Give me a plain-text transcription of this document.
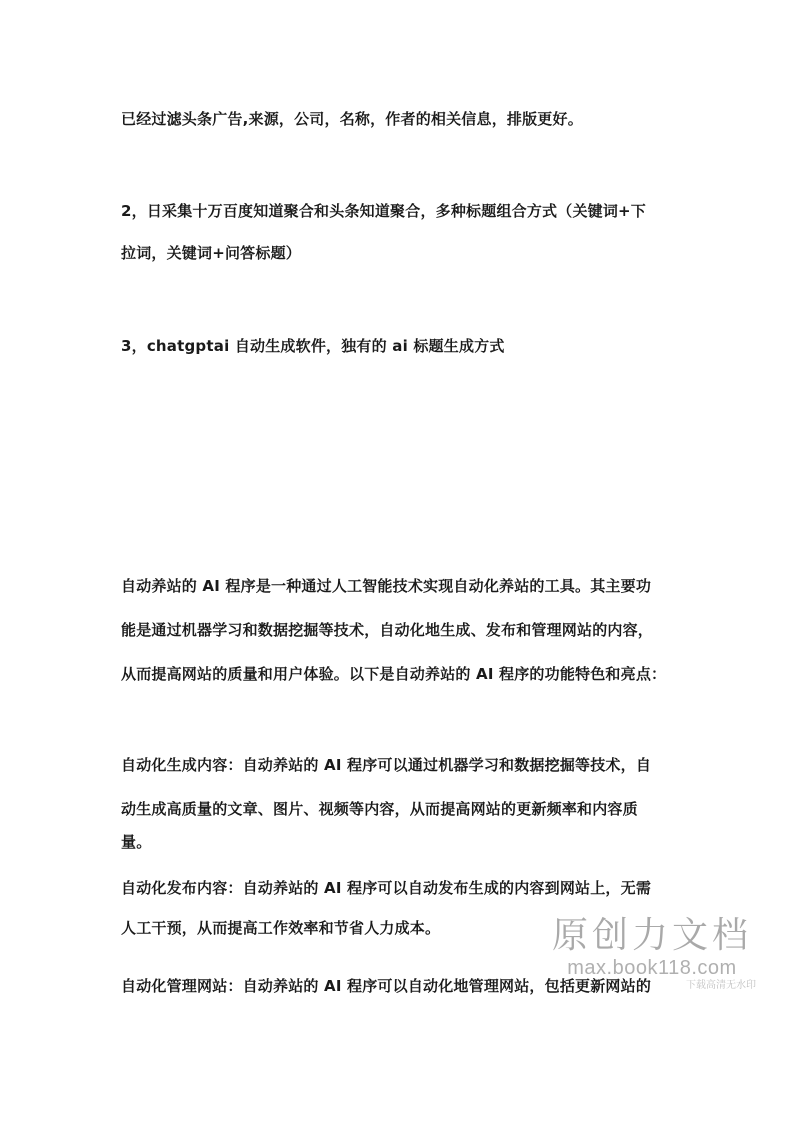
已经过滤头条广告,来源，公司，名称，作者的相关信息，排版更好。
2，日采集十万百度知道聚合和头条知道聚合，多种标题组合方式（关键词+下
拉词，关键词+问答标题）
3，chatgptai 自动生成软件，独有的 ai 标题生成方式
自动养站的 AI 程序是一种通过人工智能技术实现自动化养站的工具。其主要功
能是通过机器学习和数据挖掘等技术，自动化地生成、发布和管理网站的内容，
从而提高网站的质量和用户体验。以下是自动养站的 AI 程序的功能特色和亮点：
自动化生成内容：自动养站的 AI 程序可以通过机器学习和数据挖掘等技术，自
动生成高质量的文章、图片、视频等内容，从而提高网站的更新频率和内容质
量。
自动化发布内容：自动养站的 AI 程序可以自动发布生成的内容到网站上，无需
人工干预，从而提高工作效率和节省人力成本。
自动化管理网站：自动养站的 AI 程序可以自动化地管理网站，包括更新网站的
原创力文档
max.book118.com
下载高清无水印
